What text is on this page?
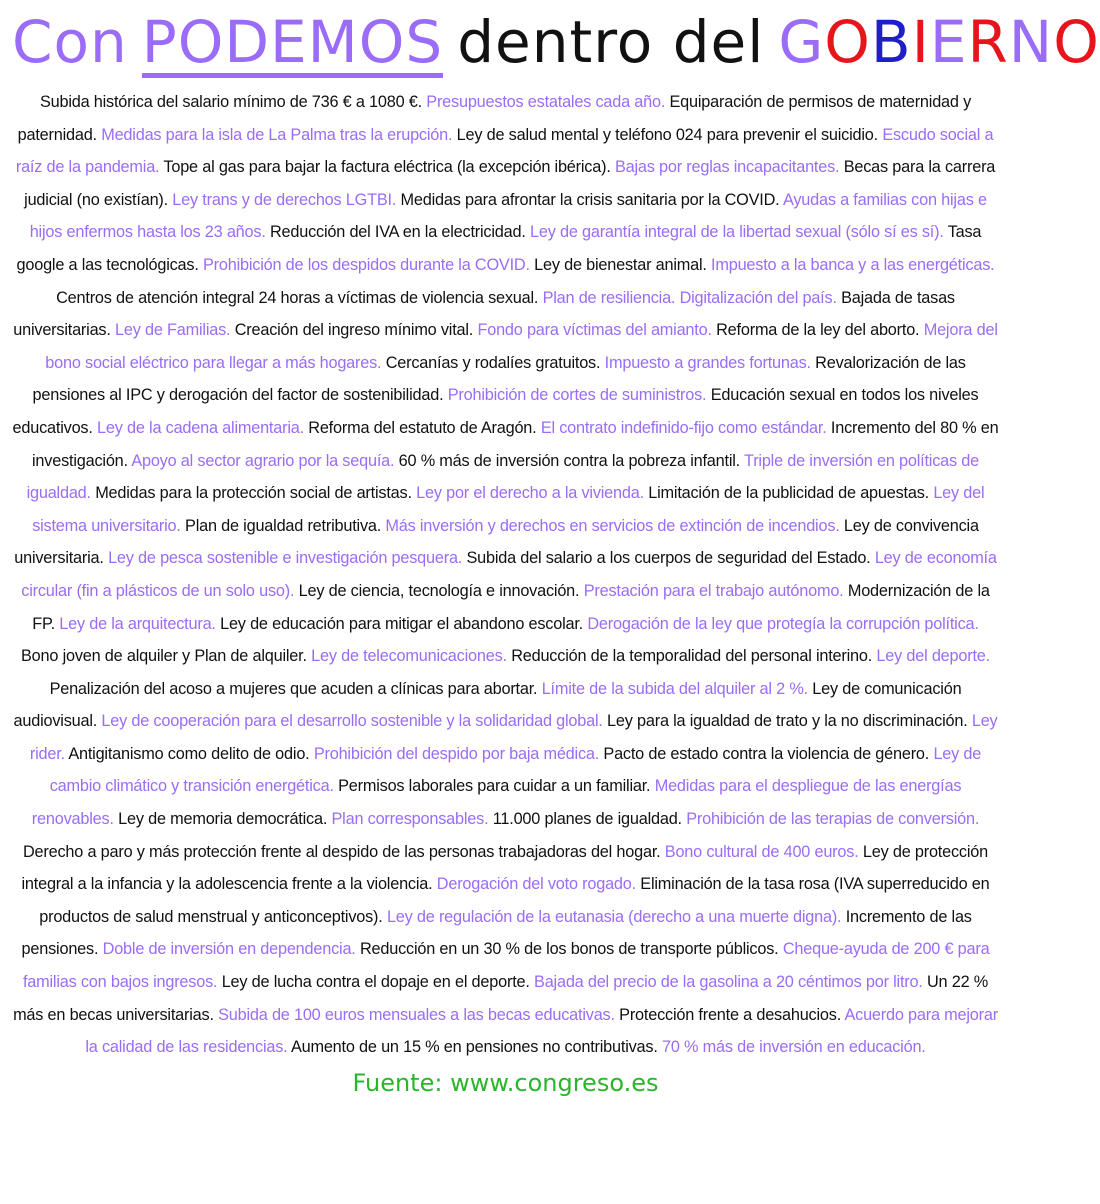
Con PODEMOS dentro del GOBIERNO
Subida histórica del salario mínimo de 736 € a 1080 €. Presupuestos estatales cada año. Equiparación de permisos de maternidad y paternidad. Medidas para la isla de La Palma tras la erupción. Ley de salud mental y teléfono 024 para prevenir el suicidio. Escudo social a raíz de la pandemia. Tope al gas para bajar la factura eléctrica (la excepción ibérica). Bajas por reglas incapacitantes. Becas para la carrera judicial (no existían). Ley trans y de derechos LGTBI. Medidas para afrontar la crisis sanitaria por la COVID. Ayudas a familias con hijas e hijos enfermos hasta los 23 años. Reducción del IVA en la electricidad. Ley de garantía integral de la libertad sexual (sólo sí es sí). Tasa google a las tecnológicas. Prohibición de los despidos durante la COVID. Ley de bienestar animal. Impuesto a la banca y a las energéticas. Centros de atención integral 24 horas a víctimas de violencia sexual. Plan de resiliencia. Digitalización del país. Bajada de tasas universitarias. Ley de Familias. Creación del ingreso mínimo vital. Fondo para víctimas del amianto. Reforma de la ley del aborto. Mejora del bono social eléctrico para llegar a más hogares. Cercanías y rodalíes gratuitos. Impuesto a grandes fortunas. Revalorización de las pensiones al IPC y derogación del factor de sostenibilidad. Prohibición de cortes de suministros. Educación sexual en todos los niveles educativos. Ley de la cadena alimentaria. Reforma del estatuto de Aragón. El contrato indefinido-fijo como estándar. Incremento del 80 % en investigación. Apoyo al sector agrario por la sequía. 60 % más de inversión contra la pobreza infantil. Triple de inversión en políticas de igualdad. Medidas para la protección social de artistas. Ley por el derecho a la vivienda. Limitación de la publicidad de apuestas. Ley del sistema universitario. Plan de igualdad retributiva. Más inversión y derechos en servicios de extinción de incendios. Ley de convivencia universitaria. Ley de pesca sostenible e investigación pesquera. Subida del salario a los cuerpos de seguridad del Estado. Ley de economía circular (fin a plásticos de un solo uso). Ley de ciencia, tecnología e innovación. Prestación para el trabajo autónomo. Modernización de la FP. Ley de la arquitectura. Ley de educación para mitigar el abandono escolar. Derogación de la ley que protegía la corrupción política. Bono joven de alquiler y Plan de alquiler. Ley de telecomunicaciones. Reducción de la temporalidad del personal interino. Ley del deporte. Penalización del acoso a mujeres que acuden a clínicas para abortar. Límite de la subida del alquiler al 2 %. Ley de comunicación audiovisual. Ley de cooperación para el desarrollo sostenible y la solidaridad global. Ley para la igualdad de trato y la no discriminación. Ley rider. Antigitanismo como delito de odio. Prohibición del despido por baja médica. Pacto de estado contra la violencia de género. Ley de cambio climático y transición energética. Permisos laborales para cuidar a un familiar. Medidas para el despliegue de las energías renovables. Ley de memoria democrática. Plan corresponsables. 11.000 planes de igualdad. Prohibición de las terapias de conversión. Derecho a paro y más protección frente al despido de las personas trabajadoras del hogar. Bono cultural de 400 euros. Ley de protección integral a la infancia y la adolescencia frente a la violencia. Derogación del voto rogado. Eliminación de la tasa rosa (IVA superreducido en productos de salud menstrual y anticonceptivos). Ley de regulación de la eutanasia (derecho a una muerte digna). Incremento de las pensiones. Doble de inversión en dependencia. Reducción en un 30 % de los bonos de transporte públicos. Cheque-ayuda de 200 € para familias con bajos ingresos. Ley de lucha contra el dopaje en el deporte. Bajada del precio de la gasolina a 20 céntimos por litro. Un 22 % más en becas universitarias. Subida de 100 euros mensuales a las becas educativas. Protección frente a desahucios. Acuerdo para mejorar la calidad de las residencias. Aumento de un 15 % en pensiones no contributivas. 70 % más de inversión en educación.
Fuente: www.congreso.es
